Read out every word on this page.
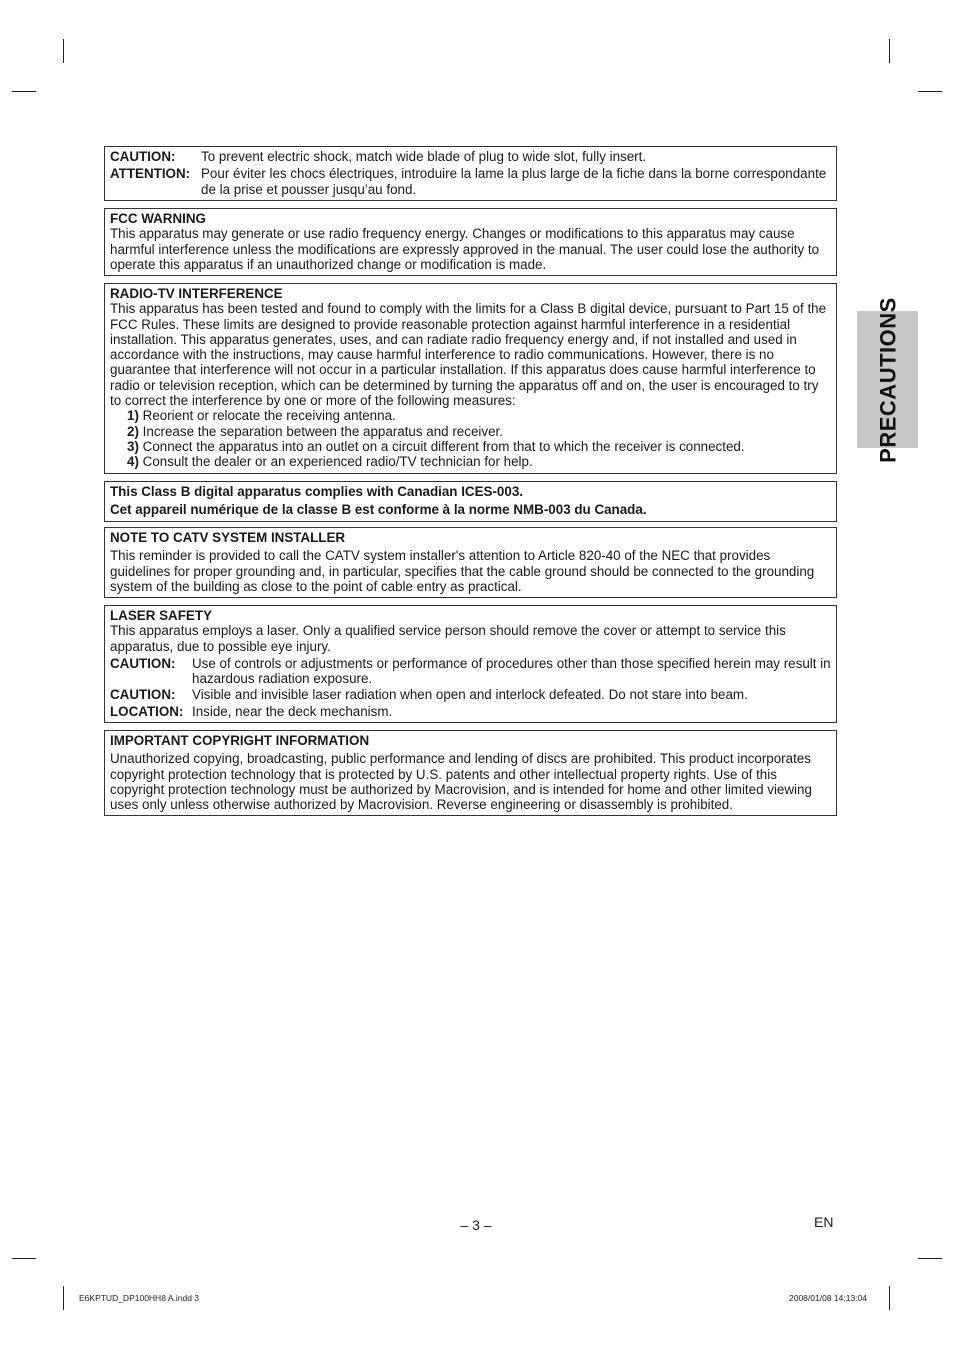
CAUTION:	To prevent electric shock, match wide blade of plug to wide slot, fully insert.
ATTENTION: Pour éviter les chocs électriques, introduire la lame la plus large de la fiche dans la borne correspondante de la prise et pousser jusqu’au fond.
FCC WARNING
This apparatus may generate or use radio frequency energy. Changes or modifications to this apparatus may cause harmful interference unless the modifications are expressly approved in the manual. The user could lose the authority to operate this apparatus if an unauthorized change or modification is made.
RADIO-TV INTERFERENCE
This apparatus has been tested and found to comply with the limits for a Class B digital device, pursuant to Part 15 of the FCC Rules. These limits are designed to provide reasonable protection against harmful interference in a residential installation. This apparatus generates, uses, and can radiate radio frequency energy and, if not installed and used in accordance with the instructions, may cause harmful interference to radio communications. However, there is no guarantee that interference will not occur in a particular installation. If this apparatus does cause harmful interference to radio or television reception, which can be determined by turning the apparatus off and on, the user is encouraged to try to correct the interference by one or more of the following measures:
1) Reorient or relocate the receiving antenna.
2) Increase the separation between the apparatus and receiver.
3) Connect the apparatus into an outlet on a circuit different from that to which the receiver is connected.
4) Consult the dealer or an experienced radio/TV technician for help.
This Class B digital apparatus complies with Canadian ICES-003.
Cet appareil numérique de la classe B est conforme à la norme NMB-003 du Canada.
NOTE TO CATV SYSTEM INSTALLER
This reminder is provided to call the CATV system installer's attention to Article 820-40 of the NEC that provides guidelines for proper grounding and, in particular, specifies that the cable ground should be connected to the grounding system of the building as close to the point of cable entry as practical.
LASER SAFETY
This apparatus employs a laser. Only a qualified service person should remove the cover or attempt to service this apparatus, due to possible eye injury.
CAUTION:	Use of controls or adjustments or performance of procedures other than those specified herein may result in hazardous radiation exposure.
CAUTION:	Visible and invisible laser radiation when open and interlock defeated. Do not stare into beam.
LOCATION: Inside, near the deck mechanism.
IMPORTANT COPYRIGHT INFORMATION
Unauthorized copying, broadcasting, public performance and lending of discs are prohibited. This product incorporates copyright protection technology that is protected by U.S. patents and other intellectual property rights. Use of this copyright protection technology must be authorized by Macrovision, and is intended for home and other limited viewing uses only unless otherwise authorized by Macrovision. Reverse engineering or disassembly is prohibited.
PRECAUTIONS
– 3 –	EN
E6KPTUD_DP100HH8 A.indd 3	2008/01/08 14:13:04
